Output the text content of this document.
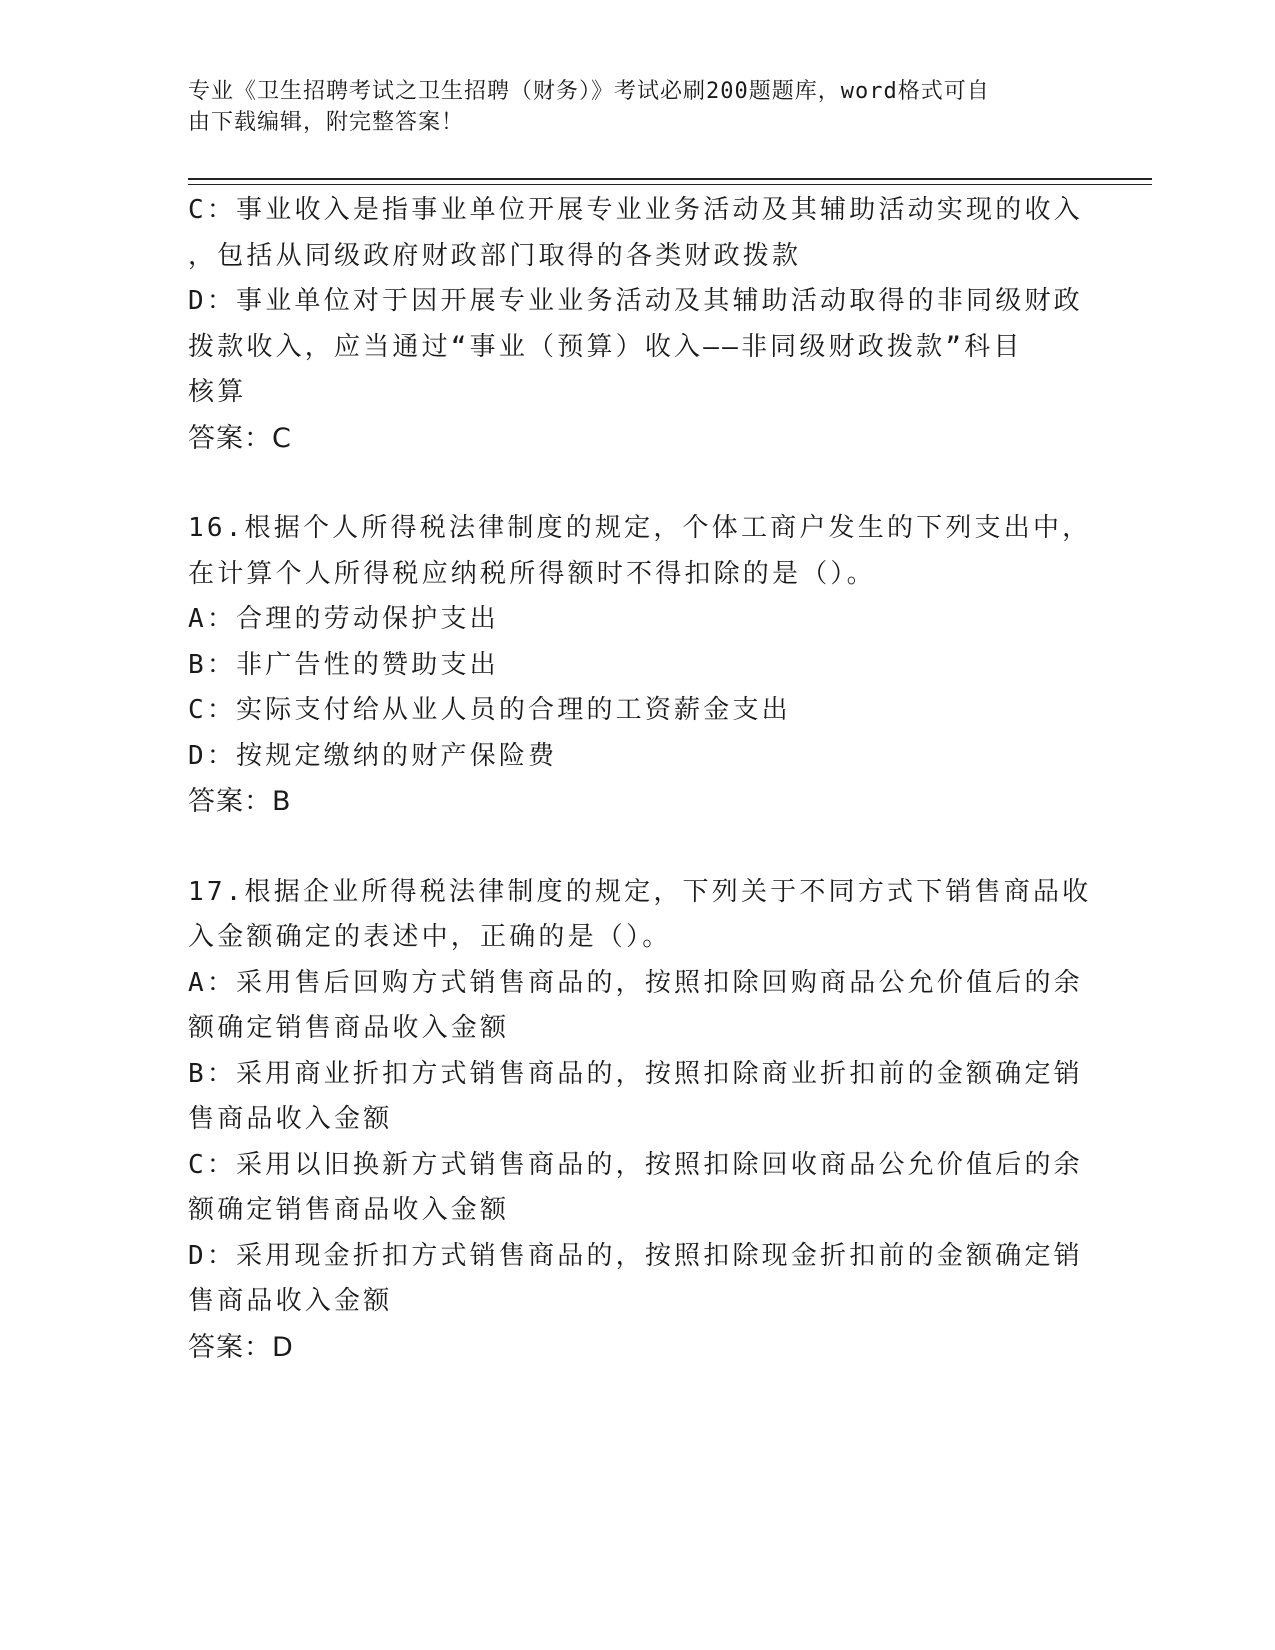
专业《卫生招聘考试之卫生招聘（财务）》考试必刷200题题库，word格式可自
由下载编辑，附完整答案！
C：事业收入是指事业单位开展专业业务活动及其辅助活动实现的收入
，包括从同级政府财政部门取得的各类财政拨款
D：事业单位对于因开展专业业务活动及其辅助活动取得的非同级财政
拨款收入，应当通过“事业（预算）收入——非同级财政拨款”科目
核算
答案：C
16.根据个人所得税法律制度的规定，个体工商户发生的下列支出中，
在计算个人所得税应纳税所得额时不得扣除的是（）。
A：合理的劳动保护支出
B：非广告性的赞助支出
C：实际支付给从业人员的合理的工资薪金支出
D：按规定缴纳的财产保险费
答案：B
17.根据企业所得税法律制度的规定，下列关于不同方式下销售商品收
入金额确定的表述中，正确的是（）。
A：采用售后回购方式销售商品的，按照扣除回购商品公允价值后的余
额确定销售商品收入金额
B：采用商业折扣方式销售商品的，按照扣除商业折扣前的金额确定销
售商品收入金额
C：采用以旧换新方式销售商品的，按照扣除回收商品公允价值后的余
额确定销售商品收入金额
D：采用现金折扣方式销售商品的，按照扣除现金折扣前的金额确定销
售商品收入金额
答案：D
